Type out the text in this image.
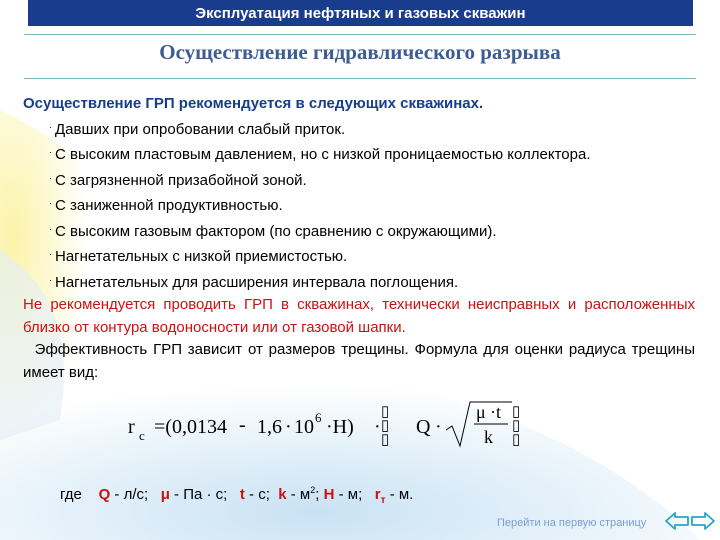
Эксплуатация нефтяных и газовых скважин
Осуществление гидравлического разрыва
Осуществление ГРП рекомендуется в следующих скважинах.
· Давших при опробовании слабый приток.
· С высоким пластовым давлением, но с низкой проницаемостью коллектора.
· С загрязненной призабойной зоной.
· С заниженной продуктивностью.
· С высоким газовым фактором (по сравнению с окружающими).
· Нагнетательных с низкой приемистостью.
· Нагнетательных для расширения интервала поглощения.
Не рекомендуется проводить ГРП в скважинах, технически неисправных и расположенных близко от контура водоносности или от газовой шапки.
Эффективность ГРП зависит от размеров трещины. Формула для оценки радиуса трещины имеет вид:
r c =(0,0134 - 1,6 · 10 6 ·H) ·
▯
▯
▯
Q ·
μ ·t
k
▯
▯
▯
где Q - л/с; μ - Па · с; t - с; k - $м^2$; H - м; $r_т$ - м.
Перейти на первую страницу
